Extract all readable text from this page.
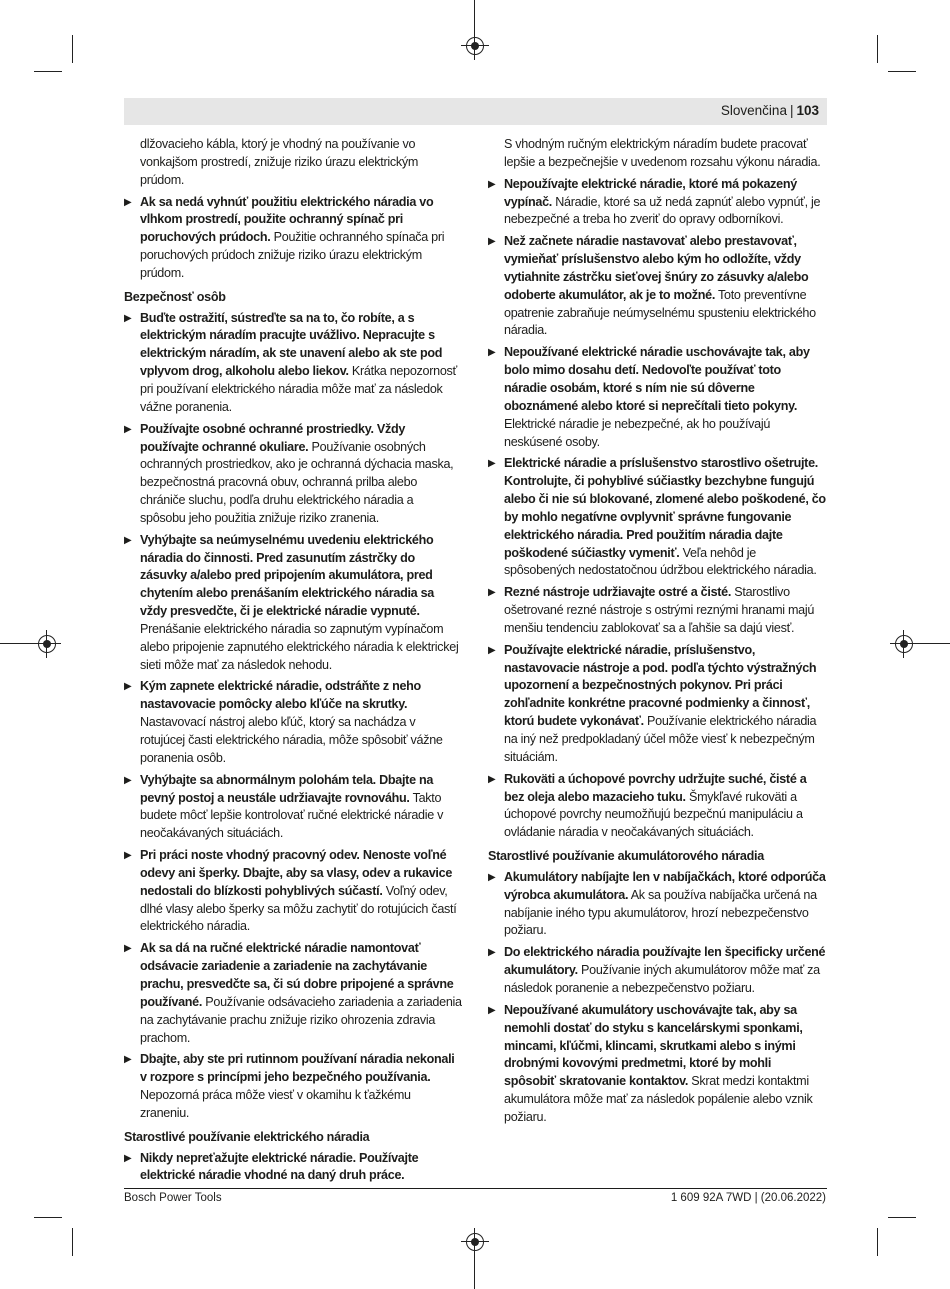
Slovenčina | 103

dlžovacieho kábla, ktorý je vhodný na používanie vo vonkajšom prostredí, znižuje riziko úrazu elektrickým prúdom.

▶ Ak sa nedá vyhnúť použitiu elektrického náradia vo vlhkom prostredí, použite ochranný spínač pri poruchových prúdoch. Použitie ochranného spínača pri poruchových prúdoch znižuje riziko úrazu elektrickým prúdom.
Bezpečnosť osôb
▶ Buďte ostražití, sústreďte sa na to, čo robíte, a s elektrickým náradím pracujte uvážlivo. Nepracujte s elektrickým náradím, ak ste unavení alebo ak ste pod vplyvom drog, alkoholu alebo liekov. Krátka nepozornosť pri používaní elektrického náradia môže mať za následok vážne poranenia.
▶ Používajte osobné ochranné prostriedky. Vždy používajte ochranné okuliare. Používanie osobných ochranných prostriedkov, ako je ochranná dýchacia maska, bezpečnostná pracovná obuv, ochranná prilba alebo chrániče sluchu, podľa druhu elektrického náradia a spôsobu jeho použitia znižuje riziko zranenia.
▶ Vyhýbajte sa neúmyselnému uvedeniu elektrického náradia do činnosti. Pred zasunutím zástrčky do zásuvky a/alebo pred pripojením akumulátora, pred chytením alebo prenášaním elektrického náradia sa vždy presvedčte, či je elektrické náradie vypnuté. Prenášanie elektrického náradia so zapnutým vypínačom alebo pripojenie zapnutého elektrického náradia k elektrickej sieti môže mať za následok nehodu.
▶ Kým zapnete elektrické náradie, odstráňte z neho nastavovacie pomôcky alebo kľúče na skrutky. Nastavovací nástroj alebo kľúč, ktorý sa nachádza v rotujúcej časti elektrického náradia, môže spôsobiť vážne poranenia osôb.
▶ Vyhýbajte sa abnormálnym polohám tela. Dbajte na pevný postoj a neustále udržiavajte rovnováhu. Takto budete môcť lepšie kontrolovať ručné elektrické náradie v neočakávaných situáciách.
▶ Pri práci noste vhodný pracovný odev. Nenoste voľné odevy ani šperky. Dbajte, aby sa vlasy, odev a rukavice nedostali do blízkosti pohyblivých súčastí. Voľný odev, dlhé vlasy alebo šperky sa môžu zachytiť do rotujúcich častí elektrického náradia.
▶ Ak sa dá na ručné elektrické náradie namontovať odsávacie zariadenie a zariadenie na zachytávanie prachu, presvedčte sa, či sú dobre pripojené a správne používané. Používanie odsávacieho zariadenia a zariadenia na zachytávanie prachu znižuje riziko ohrozenia zdravia prachom.
▶ Dbajte, aby ste pri rutinnom používaní náradia nekonali v rozpore s princípmi jeho bezpečného používania. Nepozorná práca môže viesť v okamihu k ťažkému zraneniu.
Starostlivé používanie elektrického náradia
▶ Nikdy nepreťažujte elektrické náradie. Používajte elektrické náradie vhodné na daný druh práce.

S vhodným ručným elektrickým náradím budete pracovať lepšie a bezpečnejšie v uvedenom rozsahu výkonu náradia.

▶ Nepoužívajte elektrické náradie, ktoré má pokazený vypínač. Náradie, ktoré sa už nedá zapnúť alebo vypnúť, je nebezpečné a treba ho zveriť do opravy odborníkovi.
▶ Než začnete náradie nastavovať alebo prestavovať, vymieňať príslušenstvo alebo kým ho odložíte, vždy vytiahnite zástrčku sieťovej šnúry zo zásuvky a/alebo odoberte akumulátor, ak je to možné. Toto preventívne opatrenie zabraňuje neúmyselnému spusteniu elektrického náradia.
▶ Nepoužívané elektrické náradie uschovávajte tak, aby bolo mimo dosahu detí. Nedovoľte používať toto náradie osobám, ktoré s ním nie sú dôverne oboznámené alebo ktoré si neprečítali tieto pokyny. Elektrické náradie je nebezpečné, ak ho používajú neskúsené osoby.
▶ Elektrické náradie a príslušenstvo starostlivo ošetrujte. Kontrolujte, či pohyblivé súčiastky bezchybne fungujú alebo či nie sú blokované, zlomené alebo poškodené, čo by mohlo negatívne ovplyvniť správne fungovanie elektrického náradia. Pred použitím náradia dajte poškodené súčiastky vymeniť. Veľa nehôd je spôsobených nedostatočnou údržbou elektrického náradia.
▶ Rezné nástroje udržiavajte ostré a čisté. Starostlivo ošetrované rezné nástroje s ostrými reznými hranami majú menšiu tendenciu zablokovať sa a ľahšie sa dajú viesť.
▶ Používajte elektrické náradie, príslušenstvo, nastavovacie nástroje a pod. podľa týchto výstražných upozornení a bezpečnostných pokynov. Pri práci zohľadnite konkrétne pracovné podmienky a činnosť, ktorú budete vykonávať. Používanie elektrického náradia na iný než predpokladaný účel môže viesť k nebezpečným situáciám.
▶ Rukoväti a úchopové povrchy udržujte suché, čisté a bez oleja alebo mazacieho tuku. Šmykľavé rukoväti a úchopové povrchy neumožňujú bezpečnú manipuláciu a ovládanie náradia v neočakávaných situáciách.
Starostlivé používanie akumulátorového náradia
▶ Akumulátory nabíjajte len v nabíjačkách, ktoré odporúča výrobca akumulátora. Ak sa používa nabíjačka určená na nabíjanie iného typu akumulátorov, hrozí nebezpečenstvo požiaru.
▶ Do elektrického náradia používajte len špecificky určené akumulátory. Používanie iných akumulátorov môže mať za následok poranenie a nebezpečenstvo požiaru.
▶ Nepoužívané akumulátory uschovávajte tak, aby sa nemohli dostať do styku s kancelárskymi sponkami, mincami, kľúčmi, klincami, skrutkami alebo s inými drobnými kovovými predmetmi, ktoré by mohli spôsobiť skratovanie kontaktov. Skrat medzi kontaktmi akumulátora môže mať za následok popálenie alebo vznik požiaru.
Bosch Power Tools	1 609 92A 7WD | (20.06.2022)
